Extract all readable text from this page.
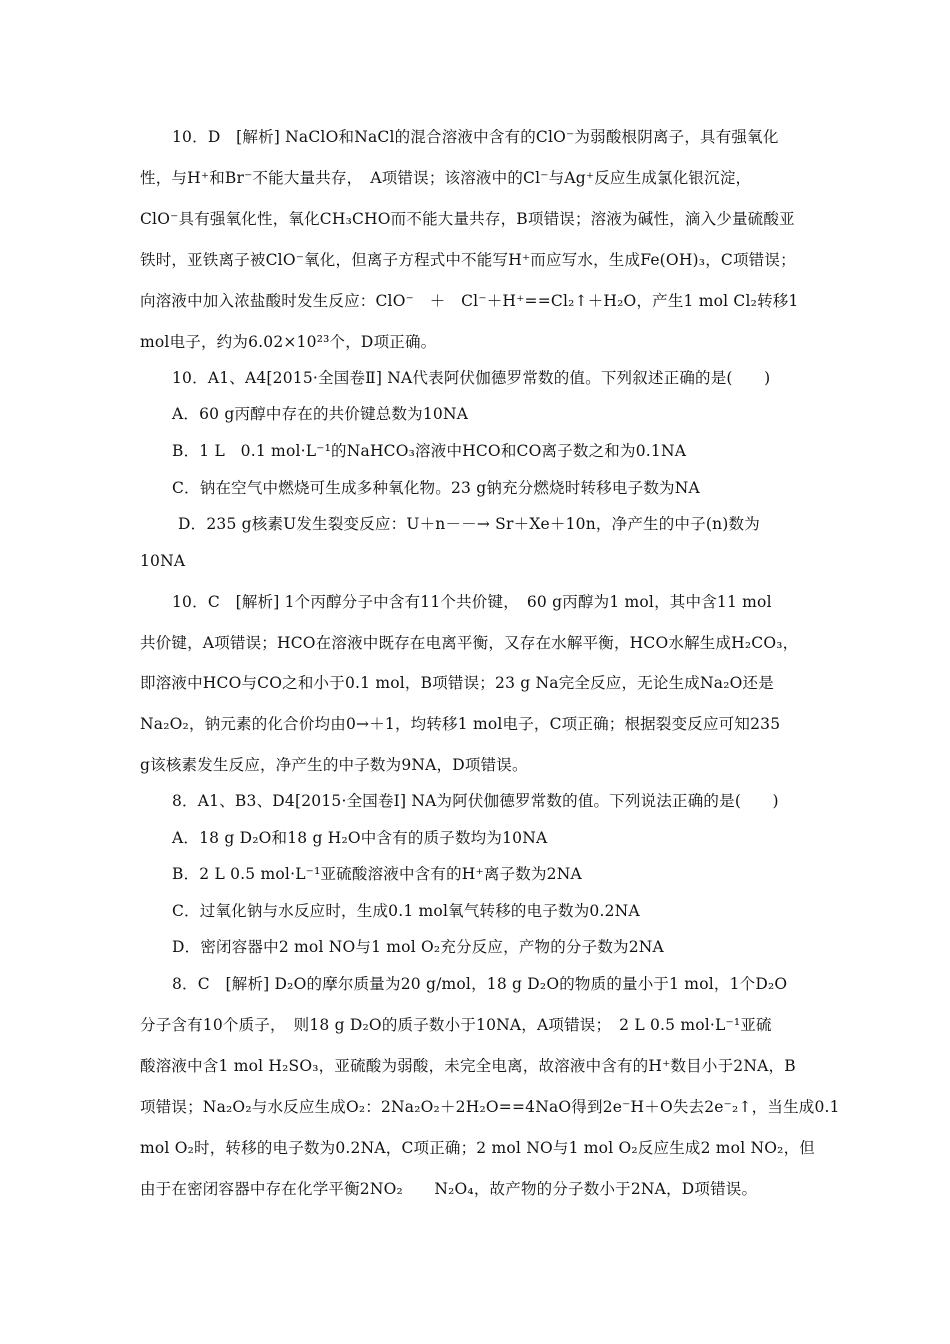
10．D　[解析] NaClO和NaCl的混合溶液中含有的ClO⁻为弱酸根阴离子，具有强氧化
性，与H⁺和Br⁻不能大量共存，　A项错误；该溶液中的Cl⁻与Ag⁺反应生成氯化银沉淀，
ClO⁻具有强氧化性，氧化CH₃CHO而不能大量共存，B项错误；溶液为碱性，滴入少量硫酸亚
铁时，亚铁离子被ClO⁻氧化，但离子方程式中不能写H⁺而应写水，生成Fe(OH)₃，C项错误；
向溶液中加入浓盐酸时发生反应：ClO⁻　＋　Cl⁻＋H⁺==Cl₂↑＋H₂O，产生1 mol Cl₂转移1
mol电子，约为6.02×10²³个，D项正确。
10．A1、A4[2015·全国卷Ⅱ] NA代表阿伏伽德罗常数的值。下列叙述正确的是(　　)
A．60 g丙醇中存在的共价键总数为10NA
B．1 L　0.1 mol·L⁻¹的NaHCO₃溶液中HCO和CO离子数之和为0.1NA
C．钠在空气中燃烧可生成多种氧化物。23 g钠充分燃烧时转移电子数为NA
D．235 g核素U发生裂变反应：U＋n－－→ Sr＋Xe＋10n，净产生的中子(n)数为
10NA
10．C　[解析] 1个丙醇分子中含有11个共价键，　60 g丙醇为1 mol，其中含11 mol
共价键，A项错误；HCO在溶液中既存在电离平衡，又存在水解平衡，HCO水解生成H₂CO₃，
即溶液中HCO与CO之和小于0.1 mol，B项错误；23 g Na完全反应，无论生成Na₂O还是
Na₂O₂，钠元素的化合价均由0→＋1，均转移1 mol电子，C项正确；根据裂变反应可知235
g该核素发生反应，净产生的中子数为9NA，D项错误。
8．A1、B3、D4[2015·全国卷Ⅰ] NA为阿伏伽德罗常数的值。下列说法正确的是(　　)
A．18 g D₂O和18 g H₂O中含有的质子数均为10NA
B．2 L 0.5 mol·L⁻¹亚硫酸溶液中含有的H⁺离子数为2NA
C．过氧化钠与水反应时，生成0.1 mol氧气转移的电子数为0.2NA
D．密闭容器中2 mol NO与1 mol O₂充分反应，产物的分子数为2NA
8．C　[解析] D₂O的摩尔质量为20 g/mol，18 g D₂O的物质的量小于1 mol，1个D₂O
分子含有10个质子，　则18 g D₂O的质子数小于10NA，A项错误；　2 L 0.5 mol·L⁻¹亚硫
酸溶液中含1 mol H₂SO₃，亚硫酸为弱酸，未完全电离，故溶液中含有的H⁺数目小于2NA，B
项错误；Na₂O₂与水反应生成O₂：2Na₂O₂＋2H₂O==4NaO得到2e⁻H＋O失去2e⁻₂↑，当生成0.1
mol O₂时，转移的电子数为0.2NA，C项正确；2 mol NO与1 mol O₂反应生成2 mol NO₂，但
由于在密闭容器中存在化学平衡2NO₂　　N₂O₄，故产物的分子数小于2NA，D项错误。
